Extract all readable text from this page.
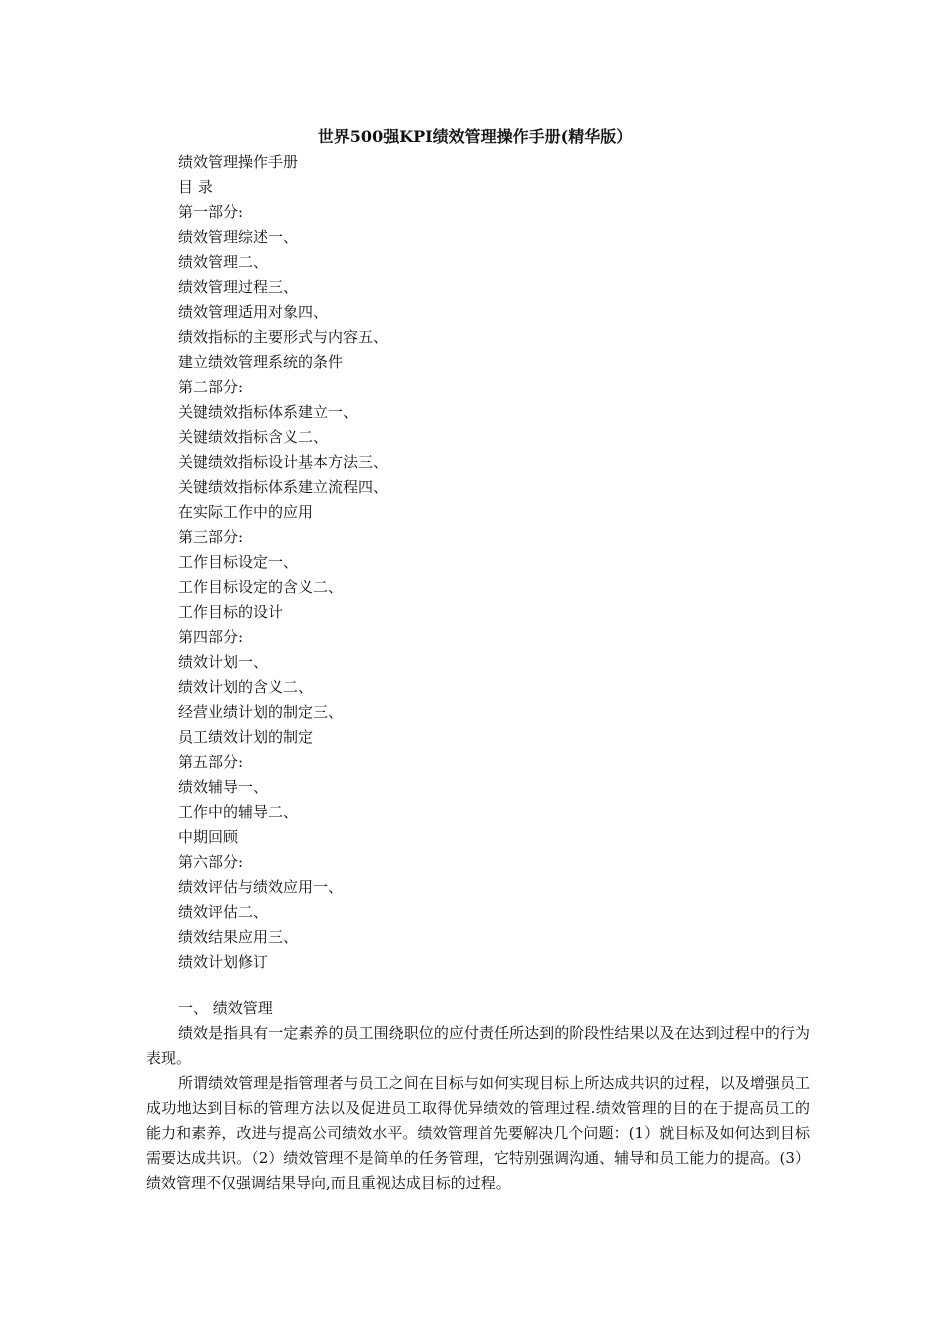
世界500强KPI绩效管理操作手册(精华版）
绩效管理操作手册
目 录
第一部分:
绩效管理综述一、
绩效管理二、
绩效管理过程三、
绩效管理适用对象四、
绩效指标的主要形式与内容五、
建立绩效管理系统的条件
第二部分:
关键绩效指标体系建立一、
关键绩效指标含义二、
关键绩效指标设计基本方法三、
关键绩效指标体系建立流程四、
在实际工作中的应用
第三部分:
工作目标设定一、
工作目标设定的含义二、
工作目标的设计
第四部分:
绩效计划一、
绩效计划的含义二、
经营业绩计划的制定三、
员工绩效计划的制定
第五部分:
绩效辅导一、
工作中的辅导二、
中期回顾
第六部分:
绩效评估与绩效应用一、
绩效评估二、
绩效结果应用三、
绩效计划修订
一、 绩效管理

绩效是指具有一定素养的员工围绕职位的应付责任所达到的阶段性结果以及在达到过程中的行为表现。

所谓绩效管理是指管理者与员工之间在目标与如何实现目标上所达成共识的过程，以及增强员工成功地达到目标的管理方法以及促进员工取得优异绩效的管理过程.绩效管理的目的在于提高员工的能力和素养，改进与提高公司绩效水平。绩效管理首先要解决几个问题：(1）就目标及如何达到目标需要达成共识。（2）绩效管理不是简单的任务管理，它特别强调沟通、辅导和员工能力的提高。(3）绩效管理不仅强调结果导向,而且重视达成目标的过程。
